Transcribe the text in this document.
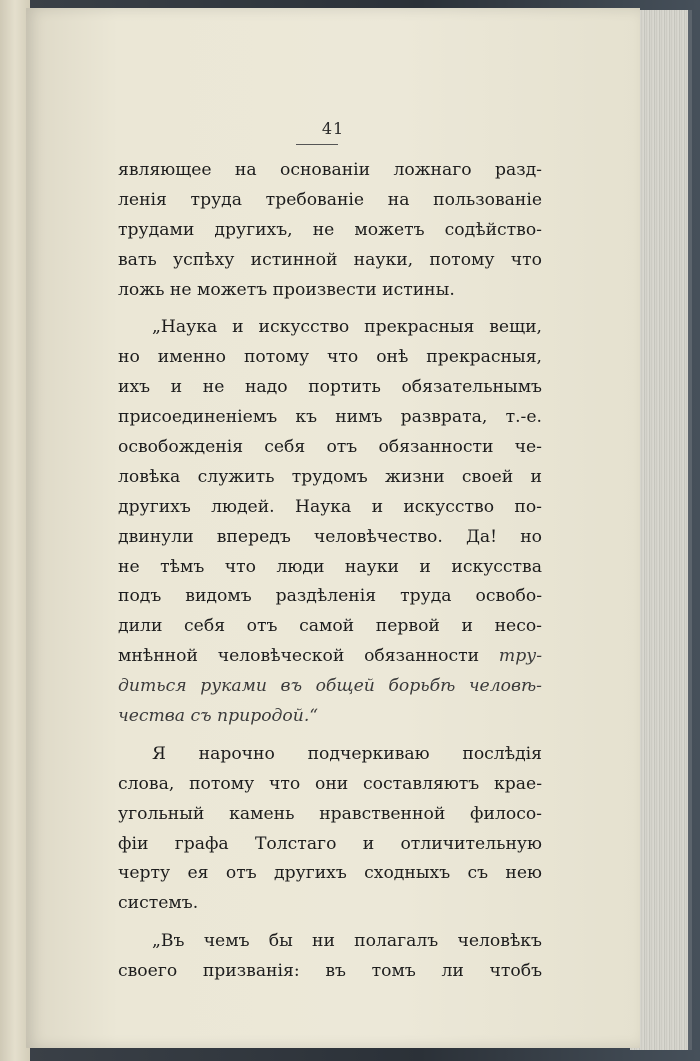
41
являющее на основаніи ложнаго разд-
ленія труда требованіе на пользованіе
трудами другихъ, не можетъ содѣйство-
вать успѣху истинной науки, потому что
ложь не можетъ произвести истины.
„Наука и искусство прекрасныя вещи,
но именно потому что онѣ прекрасныя,
ихъ и не надо портить обязательнымъ
присоединеніемъ къ нимъ разврата, т.-е.
освобожденія себя отъ обязанности че-
ловѣка служить трудомъ жизни своей и
другихъ людей. Наука и искусство по-
двинули впередъ человѣчество. Да! но
не тѣмъ что люди науки и искусства
подъ видомъ раздѣленія труда освобо-
дили себя отъ самой первой и несо-
мнѣнной человѣческой обязанности тру-
диться руками въ общей борьбѣ человѣ-
чества съ природой.“
Я нарочно подчеркиваю послѣдія
слова, потому что они составляютъ краe-
угольный камень нравственной филосо-
фіи графа Толстаго и отличительную
черту ея отъ другихъ сходныхъ съ нею
системъ.
„Въ чемъ бы ни полагалъ человѣкъ
своего призванія: въ томъ ли чтобъ
